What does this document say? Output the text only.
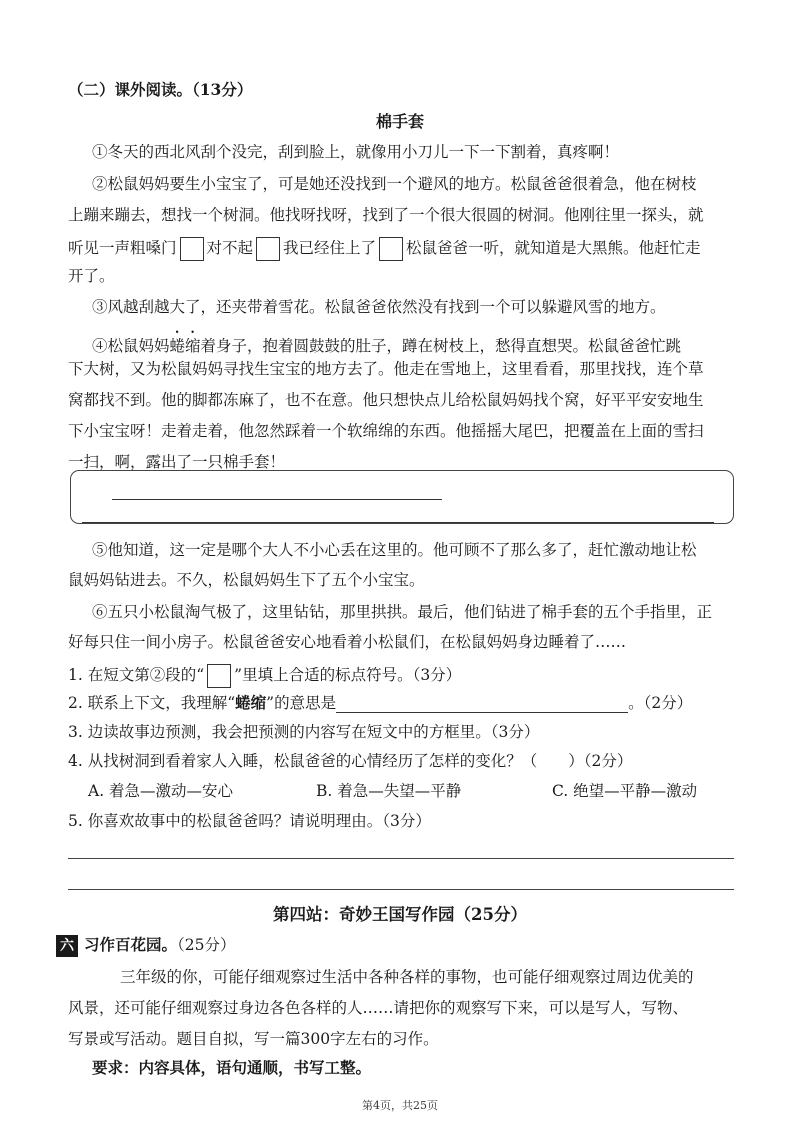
（二）课外阅读。（13分）
棉手套
①冬天的西北风刮个没完，刮到脸上，就像用小刀儿一下一下割着，真疼啊！
②松鼠妈妈要生小宝宝了，可是她还没找到一个避风的地方。松鼠爸爸很着急，他在树枝
上蹦来蹦去，想找一个树洞。他找呀找呀，找到了一个很大很圆的树洞。他刚往里一探头，就
听见一声粗嗓门 对不起 我已经住上了 松鼠爸爸一听，就知道是大黑熊。他赶忙走
开了。
③风越刮越大了，还夹带着雪花。松鼠爸爸依然没有找到一个可以躲避风雪的地方。
④松鼠妈妈蜷缩着身子，抱着圆鼓鼓的肚子，蹲在树枝上，愁得直想哭。松鼠爸爸忙跳
下大树，又为松鼠妈妈寻找生宝宝的地方去了。他走在雪地上，这里看看，那里找找，连个草
窝都找不到。他的脚都冻麻了，也不在意。他只想快点儿给松鼠妈妈找个窝，好平平安安地生
下小宝宝呀！走着走着，他忽然踩着一个软绵绵的东西。他摇摇大尾巴，把覆盖在上面的雪扫
一扫，啊，露出了一只棉手套！
⑤他知道，这一定是哪个大人不小心丢在这里的。他可顾不了那么多了，赶忙激动地让松
鼠妈妈钻进去。不久，松鼠妈妈生下了五个小宝宝。
⑥五只小松鼠淘气极了，这里钻钻，那里拱拱。最后，他们钻进了棉手套的五个手指里，正
好每只住一间小房子。松鼠爸爸安心地看着小松鼠们，在松鼠妈妈身边睡着了……
1. 在短文第②段的“ ”里填上合适的标点符号。（3分）
2. 联系上下文，我理解“蜷缩”的意思是	。（2分）
3. 边读故事边预测，我会把预测的内容写在短文中的方框里。（3分）
4. 从找树洞到看着家人入睡，松鼠爸爸的心情经历了怎样的变化？（　　）（2分）
A. 着急—激动—安心	B. 着急—失望—平静	C. 绝望—平静—激动
5. 你喜欢故事中的松鼠爸爸吗？请说明理由。（3分）
第四站：奇妙王国写作园（25分）
六 习作百花园。（25分）
三年级的你，可能仔细观察过生活中各种各样的事物，也可能仔细观察过周边优美的
风景，还可能仔细观察过身边各色各样的人……请把你的观察写下来，可以是写人，写物、
写景或写活动。题目自拟，写一篇300字左右的习作。
要求：内容具体，语句通顺，书写工整。
第4页，共25页
